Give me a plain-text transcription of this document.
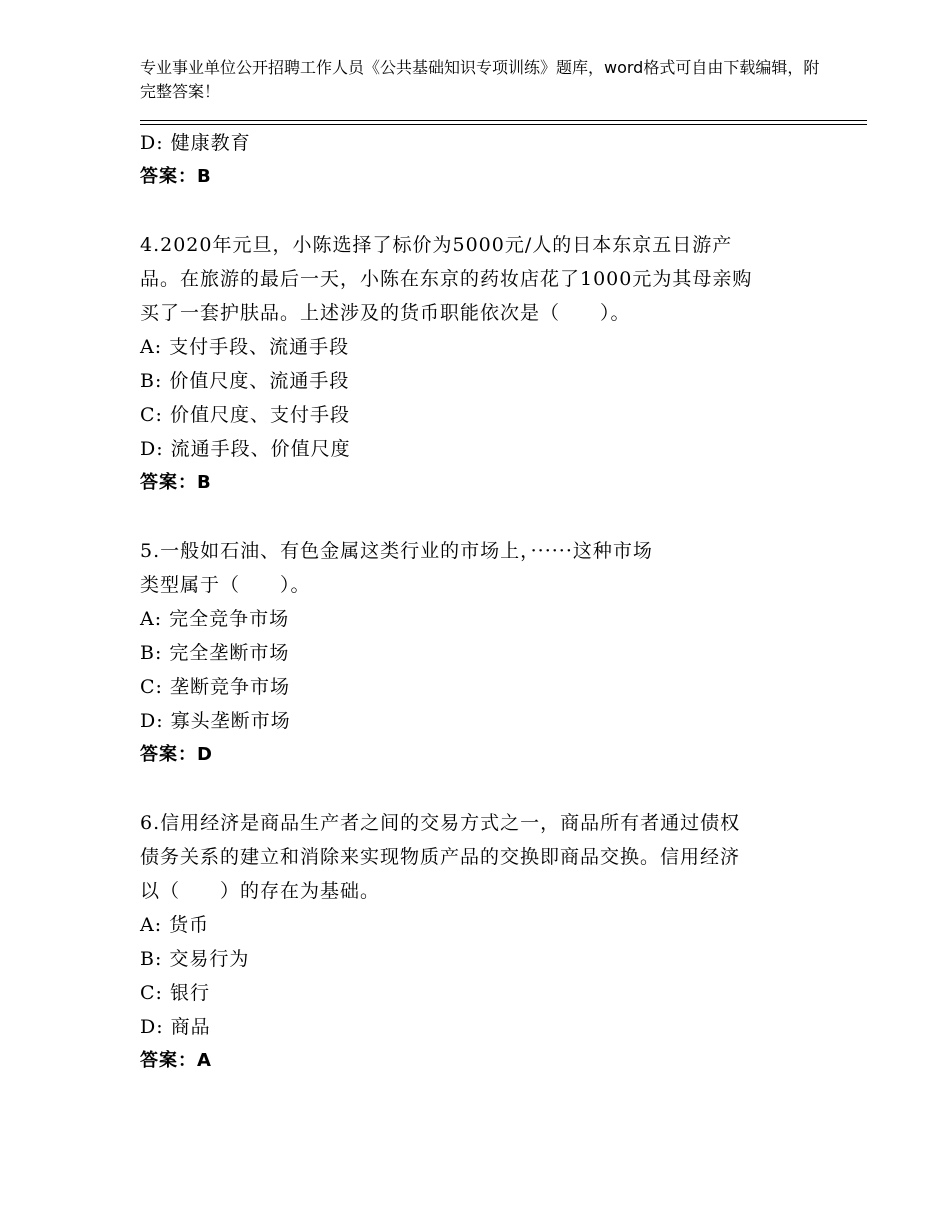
专业事业单位公开招聘工作人员《公共基础知识专项训练》题库，word格式可自由下载编辑，附完整答案！
D: 健康教育
答案：B
4.2020年元旦，小陈选择了标价为5000元/人的日本东京五日游产
品。在旅游的最后一天，小陈在东京的药妆店花了1000元为其母亲购
买了一套护肤品。上述涉及的货币职能依次是（　　）。
A: 支付手段、流通手段
B: 价值尺度、流通手段
C: 价值尺度、支付手段
D: 流通手段、价值尺度
答案：B
5.一般如石油、有色金属这类行业的市场上，······这种市场
类型属于（　　）。
A: 完全竞争市场
B: 完全垄断市场
C: 垄断竞争市场
D: 寡头垄断市场
答案：D
6.信用经济是商品生产者之间的交易方式之一，商品所有者通过债权
债务关系的建立和消除来实现物质产品的交换即商品交换。信用经济
以（　　）的存在为基础。
A: 货币
B: 交易行为
C: 银行
D: 商品
答案：A
